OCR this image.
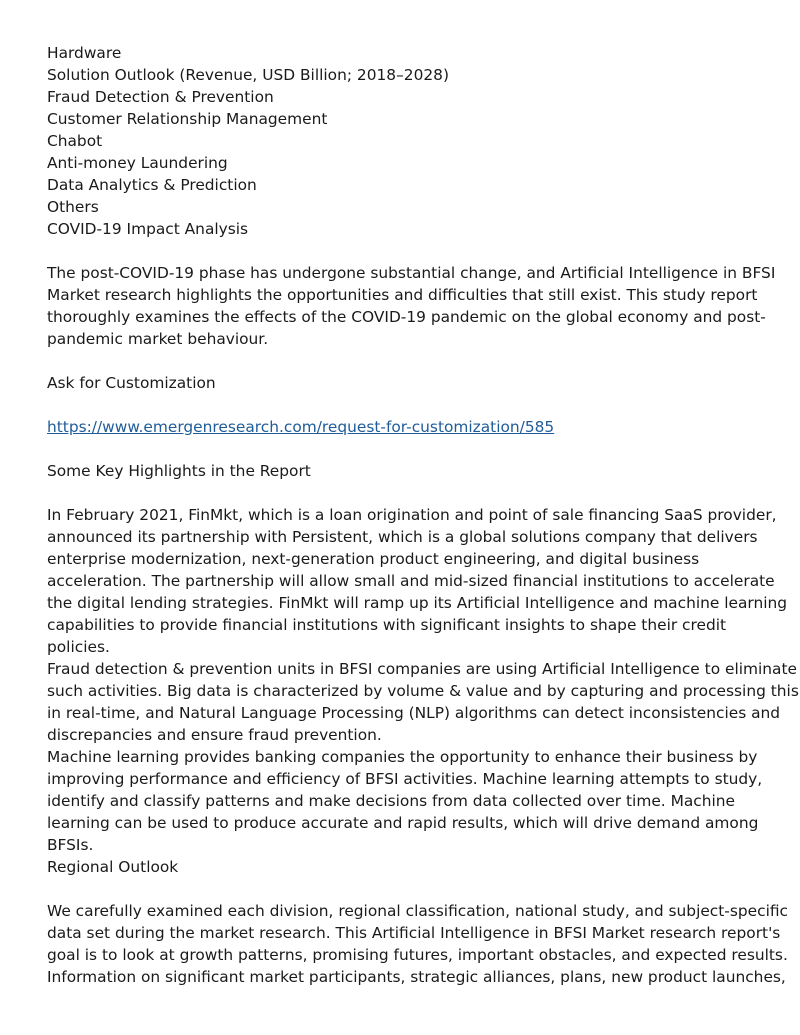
Hardware
Solution Outlook (Revenue, USD Billion; 2018–2028)
Fraud Detection & Prevention
Customer Relationship Management
Chabot
Anti-money Laundering
Data Analytics & Prediction
Others
COVID-19 Impact Analysis
The post-COVID-19 phase has undergone substantial change, and Artificial Intelligence in BFSI
Market research highlights the opportunities and difficulties that still exist. This study report
thoroughly examines the effects of the COVID-19 pandemic on the global economy and post-
pandemic market behaviour.
Ask for Customization
https://www.emergenresearch.com/request-for-customization/585
Some Key Highlights in the Report
In February 2021, FinMkt, which is a loan origination and point of sale financing SaaS provider,
announced its partnership with Persistent, which is a global solutions company that delivers
enterprise modernization, next-generation product engineering, and digital business
acceleration. The partnership will allow small and mid-sized financial institutions to accelerate
the digital lending strategies. FinMkt will ramp up its Artificial Intelligence and machine learning
capabilities to provide financial institutions with significant insights to shape their credit
policies.
Fraud detection & prevention units in BFSI companies are using Artificial Intelligence to eliminate
such activities. Big data is characterized by volume & value and by capturing and processing this
in real-time, and Natural Language Processing (NLP) algorithms can detect inconsistencies and
discrepancies and ensure fraud prevention.
Machine learning provides banking companies the opportunity to enhance their business by
improving performance and efficiency of BFSI activities. Machine learning attempts to study,
identify and classify patterns and make decisions from data collected over time. Machine
learning can be used to produce accurate and rapid results, which will drive demand among
BFSIs.
Regional Outlook
We carefully examined each division, regional classification, national study, and subject-specific
data set during the market research. This Artificial Intelligence in BFSI Market research report's
goal is to look at growth patterns, promising futures, important obstacles, and expected results.
Information on significant market participants, strategic alliances, plans, new product launches,
